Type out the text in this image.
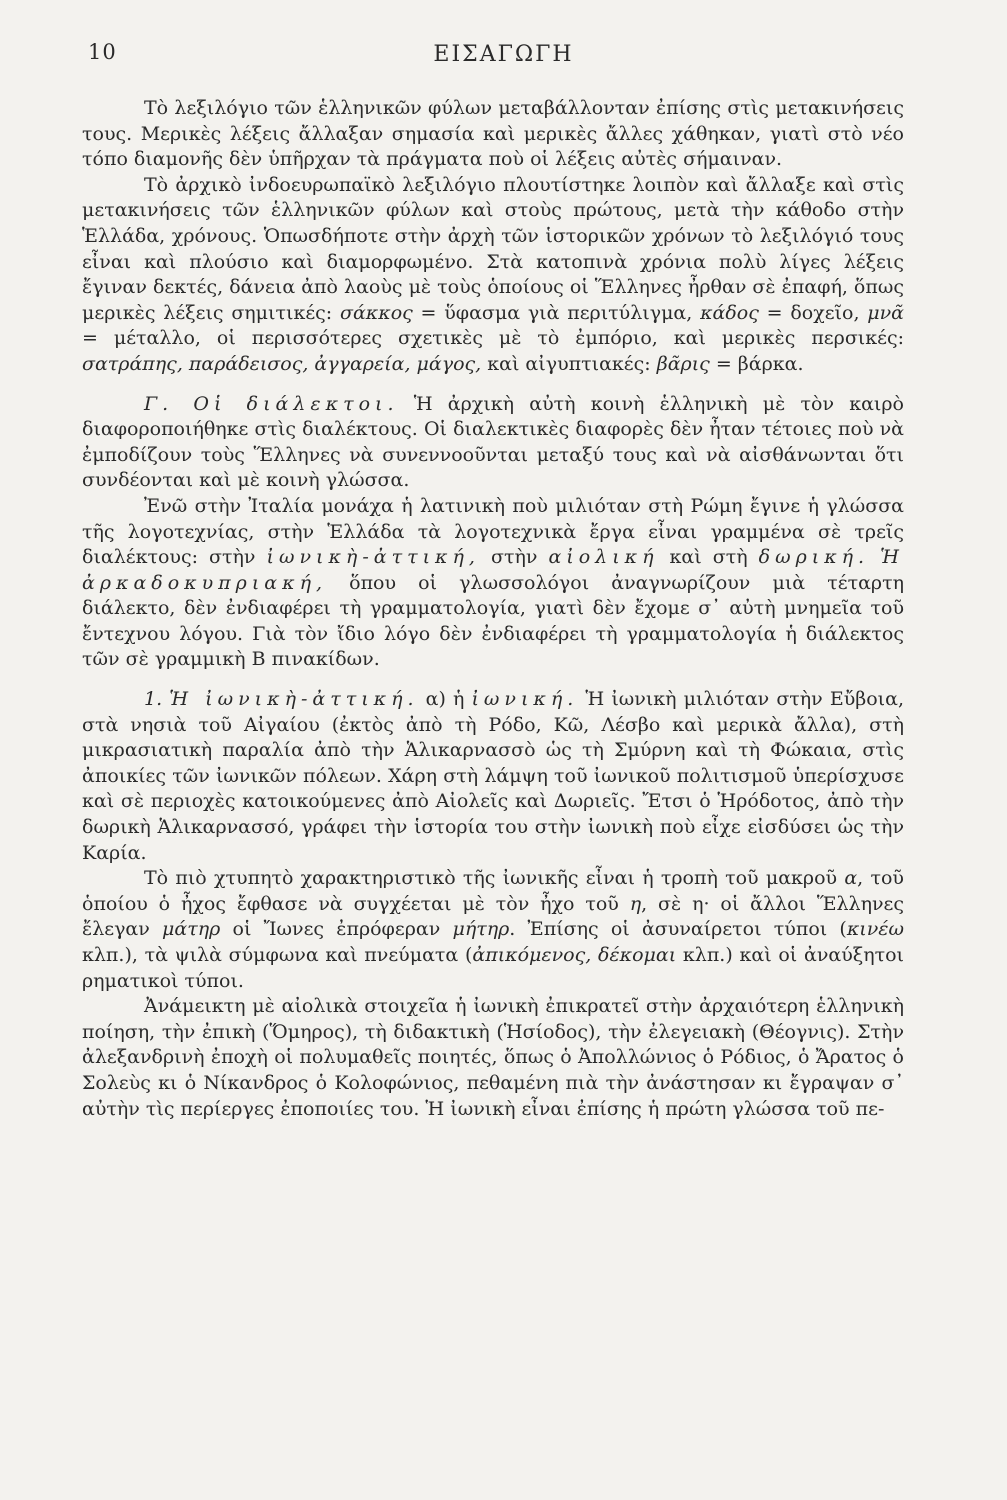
10	ΕΙΣΑΓΩΓΗ

Τὸ λεξιλόγιο τῶν ἑλληνικῶν φύλων μεταβάλλονταν ἐπίσης στὶς μετακινήσεις τους. Μερικὲς λέξεις ἄλλαξαν σημασία καὶ μερικὲς ἄλλες χάθηκαν, γιατὶ στὸ νέο τόπο διαμονῆς δὲν ὑπῆρχαν τὰ πράγματα ποὺ οἱ λέξεις αὐτὲς σήμαιναν.

Τὸ ἀρχικὸ ἰνδοευρωπαϊκὸ λεξιλόγιο πλουτίστηκε λοιπὸν καὶ ἄλλαξε καὶ στὶς μετακινήσεις τῶν ἑλληνικῶν φύλων καὶ στοὺς πρώτους, μετὰ τὴν κάθοδο στὴν Ἑλλάδα, χρόνους. Ὁπωσδήποτε στὴν ἀρχὴ τῶν ἱστορικῶν χρόνων τὸ λεξιλόγιό τους εἶναι καὶ πλούσιο καὶ διαμορφωμένο. Στὰ κατοπινὰ χρόνια πολὺ λίγες λέξεις ἔγιναν δεκτές, δάνεια ἀπὸ λαοὺς μὲ τοὺς ὁποίους οἱ Ἕλληνες ἦρθαν σὲ ἐπαφή, ὅπως μερικὲς λέξεις σημιτικές: σάκκος = ὕφασμα γιὰ περιτύλιγμα, κάδος = δοχεῖο, μνᾶ = μέταλλο, οἱ περισσότερες σχετικὲς μὲ τὸ ἐμπόριο, καὶ μερικὲς περσικές: σατράπης, παράδεισος, ἀγγαρεία, μάγος, καὶ αἰγυπτιακές: βᾶρις = βάρκα.

Γ. Οἱ διάλεκτοι. Ἡ ἀρχικὴ αὐτὴ κοινὴ ἑλληνικὴ μὲ τὸν καιρὸ διαφοροποιήθηκε στὶς διαλέκτους. Οἱ διαλεκτικὲς διαφορὲς δὲν ἦταν τέτοιες ποὺ νὰ ἐμποδίζουν τοὺς Ἕλληνες νὰ συνεννοοῦνται μεταξύ τους καὶ νὰ αἰσθάνωνται ὅτι συνδέονται καὶ μὲ κοινὴ γλώσσα.

Ἐνῶ στὴν Ἰταλία μονάχα ἡ λατινικὴ ποὺ μιλιόταν στὴ Ρώμη ἔγινε ἡ γλώσσα τῆς λογοτεχνίας, στὴν Ἑλλάδα τὰ λογοτεχνικὰ ἔργα εἶναι γραμμένα σὲ τρεῖς διαλέκτους: στὴν ἰωνικὴ-ἀττική, στὴν αἰολική καὶ στὴ δωρική. Ἡ ἀρκαδοκυπριακή, ὅπου οἱ γλωσσολόγοι ἀναγνωρίζουν μιὰ τέταρτη διάλεκτο, δὲν ἐνδιαφέρει τὴ γραμματολογία, γιατὶ δὲν ἔχομε σ᾿ αὐτὴ μνημεῖα τοῦ ἔντεχνου λόγου. Γιὰ τὸν ἴδιο λόγο δὲν ἐνδιαφέρει τὴ γραμματολογία ἡ διάλεκτος τῶν σὲ γραμμικὴ Β πινακίδων.

1. Ἡ ἰωνικὴ-ἀττική. α) ἡ ἰωνική. Ἡ ἰωνικὴ μιλιόταν στὴν Εὔβοια, στὰ νησιὰ τοῦ Αἰγαίου (ἐκτὸς ἀπὸ τὴ Ρόδο, Κῶ, Λέσβο καὶ μερικὰ ἄλλα), στὴ μικρασιατικὴ παραλία ἀπὸ τὴν Ἁλικαρνασσὸ ὡς τὴ Σμύρνη καὶ τὴ Φώκαια, στὶς ἀποικίες τῶν ἰωνικῶν πόλεων. Χάρη στὴ λάμψη τοῦ ἰωνικοῦ πολιτισμοῦ ὑπερίσχυσε καὶ σὲ περιοχὲς κατοικούμενες ἀπὸ Αἰολεῖς καὶ Δωριεῖς. Ἔτσι ὁ Ἡρόδοτος, ἀπὸ τὴν δωρικὴ Ἁλικαρνασσό, γράφει τὴν ἱστορία του στὴν ἰωνικὴ ποὺ εἶχε εἰσδύσει ὡς τὴν Καρία.

Τὸ πιὸ χτυπητὸ χαρακτηριστικὸ τῆς ἰωνικῆς εἶναι ἡ τροπὴ τοῦ μακροῦ α, τοῦ ὁποίου ὁ ἦχος ἔφθασε νὰ συγχέεται μὲ τὸν ἦχο τοῦ η, σὲ η· οἱ ἄλλοι Ἕλληνες ἔλεγαν μάτηρ οἱ Ἴωνες ἐπρόφεραν μήτηρ. Ἐπίσης οἱ ἀσυναίρετοι τύποι (κινέω κλπ.), τὰ ψιλὰ σύμφωνα καὶ πνεύματα (ἀπικόμενος, δέκομαι κλπ.) καὶ οἱ ἀναύξητοι ρηματικοὶ τύποι.

Ἀνάμεικτη μὲ αἰολικὰ στοιχεῖα ἡ ἰωνικὴ ἐπικρατεῖ στὴν ἀρχαιότερη ἑλληνικὴ ποίηση, τὴν ἐπικὴ (Ὅμηρος), τὴ διδακτικὴ (Ἡσίοδος), τὴν ἐλεγειακὴ (Θέογνις). Στὴν ἀλεξανδρινὴ ἐποχὴ οἱ πολυμαθεῖς ποιητές, ὅπως ὁ Ἀπολλώνιος ὁ Ρόδιος, ὁ Ἄρατος ὁ Σολεὺς κι ὁ Νίκανδρος ὁ Κολοφώνιος, πεθαμένη πιὰ τὴν ἀνάστησαν κι ἔγραψαν σ᾿ αὐτὴν τὶς περίεργες ἐποποιίες του. Ἡ ἰωνικὴ εἶναι ἐπίσης ἡ πρώτη γλώσσα τοῦ πε-
